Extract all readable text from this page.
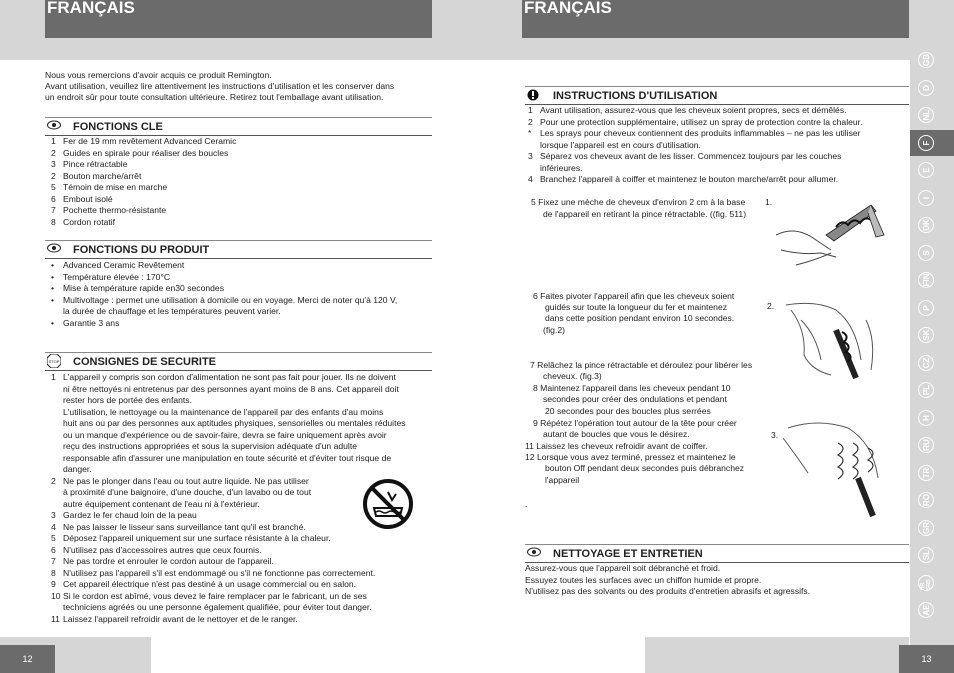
FRANÇAIS
Nous vous remercions d'avoir acquis ce produit Remington.
Avant utilisation, veuillez lire attentivement les instructions d'utilisation et les conserver dans
un endroit sûr pour toute consultation ultérieure. Retirez tout l'emballage avant utilisation.
FONCTIONS CLE
1 Fer de 19 mm revêtement Advanced Ceramic
2 Guides en spirale pour réaliser des boucles
3 Pince rétractable
2 Bouton marche/arrêt
5 Témoin de mise en marche
6 Embout isolé
7 Pochette thermo-résistante
8 Cordon rotatif
FONCTIONS DU PRODUIT
• Advanced Ceramic Revêtement
• Température élevée : 170°C
• Mise à température rapide en30 secondes
• Multivoltage : permet une utilisation à domicile ou en voyage. Merci de noter qu'à 120 V,
la durée de chauffage et les températures peuvent varier.
• Garantie 3 ans
STOP CONSIGNES DE SECURITE
1 L'appareil y compris son cordon d'alimentation ne sont pas fait pour jouer. Ils ne doivent
ni être nettoyés ni entretenus par des personnes ayant moins de 8 ans. Cet appareil doit
rester hors de portée des enfants.
L'utilisation, le nettoyage ou la maintenance de l'appareil par des enfants d'au moins
huit ans ou par des personnes aux aptitudes physiques, sensorielles ou mentales réduites
ou un manque d'expérience ou de savoir-faire, devra se faire uniquement après avoir
reçu des instructions appropriées et sous la supervision adéquate d'un adulte
responsable afin d'assurer une manipulation en toute sécurité et d'éviter tout risque de
danger.
2 Ne pas le plonger dans l'eau ou tout autre liquide. Ne pas utiliser
à proximité d'une baignoire, d'une douche, d'un lavabo ou de tout
autre équipement contenant de l'eau ni à l'extérieur.
3 Gardez le fer chaud loin de la peau
4 Ne pas laisser le lisseur sans surveillance tant qu'il est branché.
5 Déposez l'appareil uniquement sur une surface résistante à la chaleur.
6 N'utilisez pas d'accessoires autres que ceux fournis.
7 Ne pas tordre et enrouler le cordon autour de l'appareil.
8 N'utilisez pas l'appareil s'il est endommagé ou s'il ne fonctionne pas correctement.
9 Cet appareil électrique n'est pas destiné à un usage commercial ou en salon.
10 Si le cordon est abîmé, vous devez le faire remplacer par le fabricant, un de ses
techniciens agréés ou une personne également qualifiée, pour éviter tout danger.
11 Laissez l'appareil refroidir avant de le nettoyer et de le ranger.
12
FRANÇAIS
GB
D
NL
F
E
I
DK
S
FIN
P
SK
CZ
PL
H
RU
TR
RO
GR
SL
HR SRB
AE
INSTRUCTIONS D'UTILISATION
1 Avant utilisation, assurez-vous que les cheveux soient propres, secs et démêlés.
2 Pour une protection supplémentaire, utilisez un spray de protection contre la chaleur.
* Les sprays pour cheveux contiennent des produits inflammables – ne pas les utiliser
lorsque l'appareil est en cours d'utilisation.
3 Séparez vos cheveux avant de les lisser. Commencez toujours par les couches
inférieures.
4 Branchez l'appareil à coiffer et maintenez le bouton marche/arrêt pour allumer.
5 Fixez une mèche de cheveux d'environ 2 cm à la base
de l'appareil en retirant la pince rétractable. ((fig. 511)
1.
6 Faites pivoter l'appareil afin que les cheveux soient
guidés sur toute la longueur du fer et maintenez
dans cette position pendant environ 10 secondes.
(fig.2)
2.
7 Relâchez la pince rétractable et déroulez pour libérer les
cheveux. (fig.3)
8 Maintenez l'appareil dans les cheveux pendant 10
secondes pour créer des ondulations et pendant
20 secondes pour des boucles plus serrées
9 Répétez l'opération tout autour de la tête pour créer
autant de boucles que vous le désirez.
11 Laissez les cheveux refroidir avant de coiffer.
12 Lorsque vous avez terminé, pressez et maintenez le
bouton Off pendant deux secondes puis débranchez
l'appareil
.
3.
NETTOYAGE ET ENTRETIEN
Assurez-vous que l'appareil soit débranché et froid.
Essuyez toutes les surfaces avec un chiffon humide et propre.
N'utilisez pas des solvants ou des produits d'entretien abrasifs et agressifs.
13
